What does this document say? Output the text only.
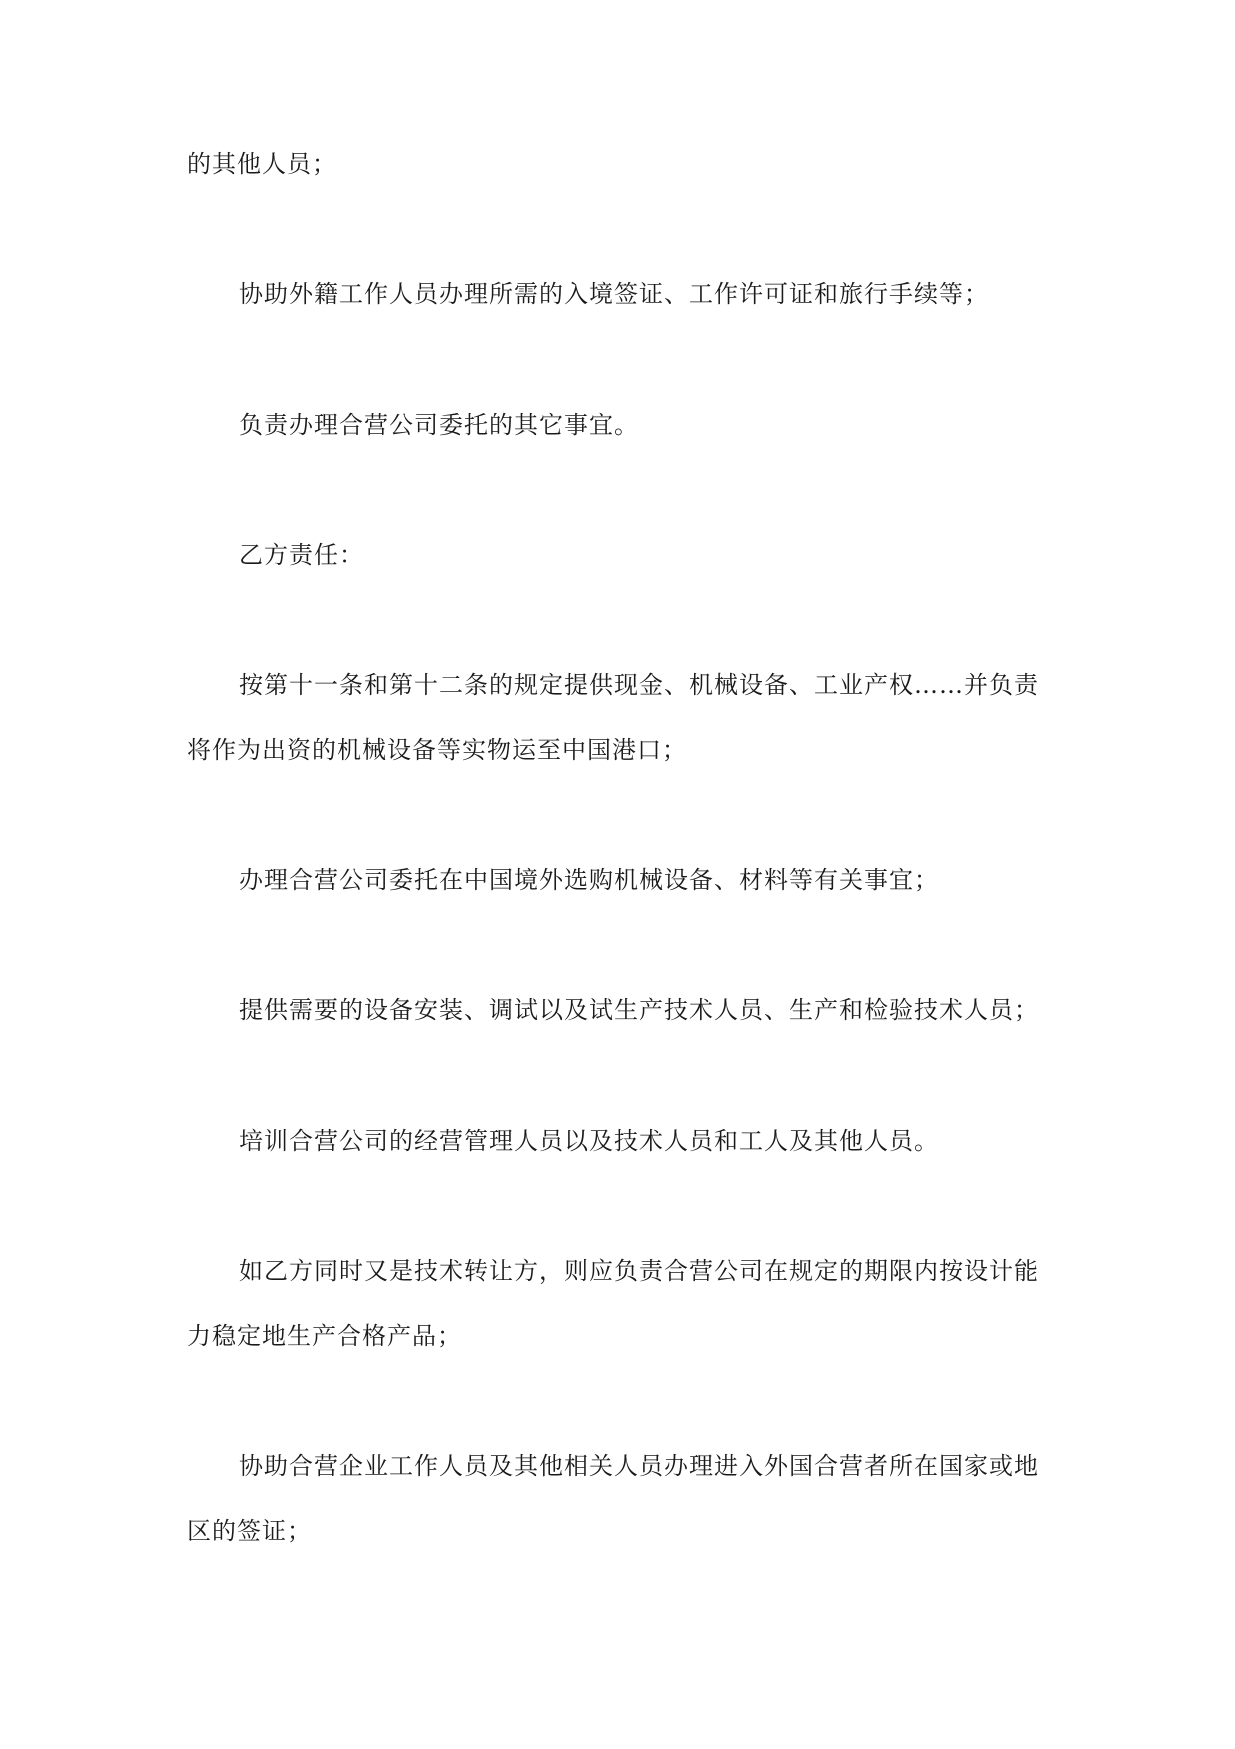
的其他人员；

协助外籍工作人员办理所需的入境签证、工作许可证和旅行手续等；

负责办理合营公司委托的其它事宜。

乙方责任：

按第十一条和第十二条的规定提供现金、机械设备、工业产权……并负责

将作为出资的机械设备等实物运至中国港口；

办理合营公司委托在中国境外选购机械设备、材料等有关事宜；

提供需要的设备安装、调试以及试生产技术人员、生产和检验技术人员；

培训合营公司的经营管理人员以及技术人员和工人及其他人员。

如乙方同时又是技术转让方，则应负责合营公司在规定的期限内按设计能

力稳定地生产合格产品；

协助合营企业工作人员及其他相关人员办理进入外国合营者所在国家或地

区的签证；
